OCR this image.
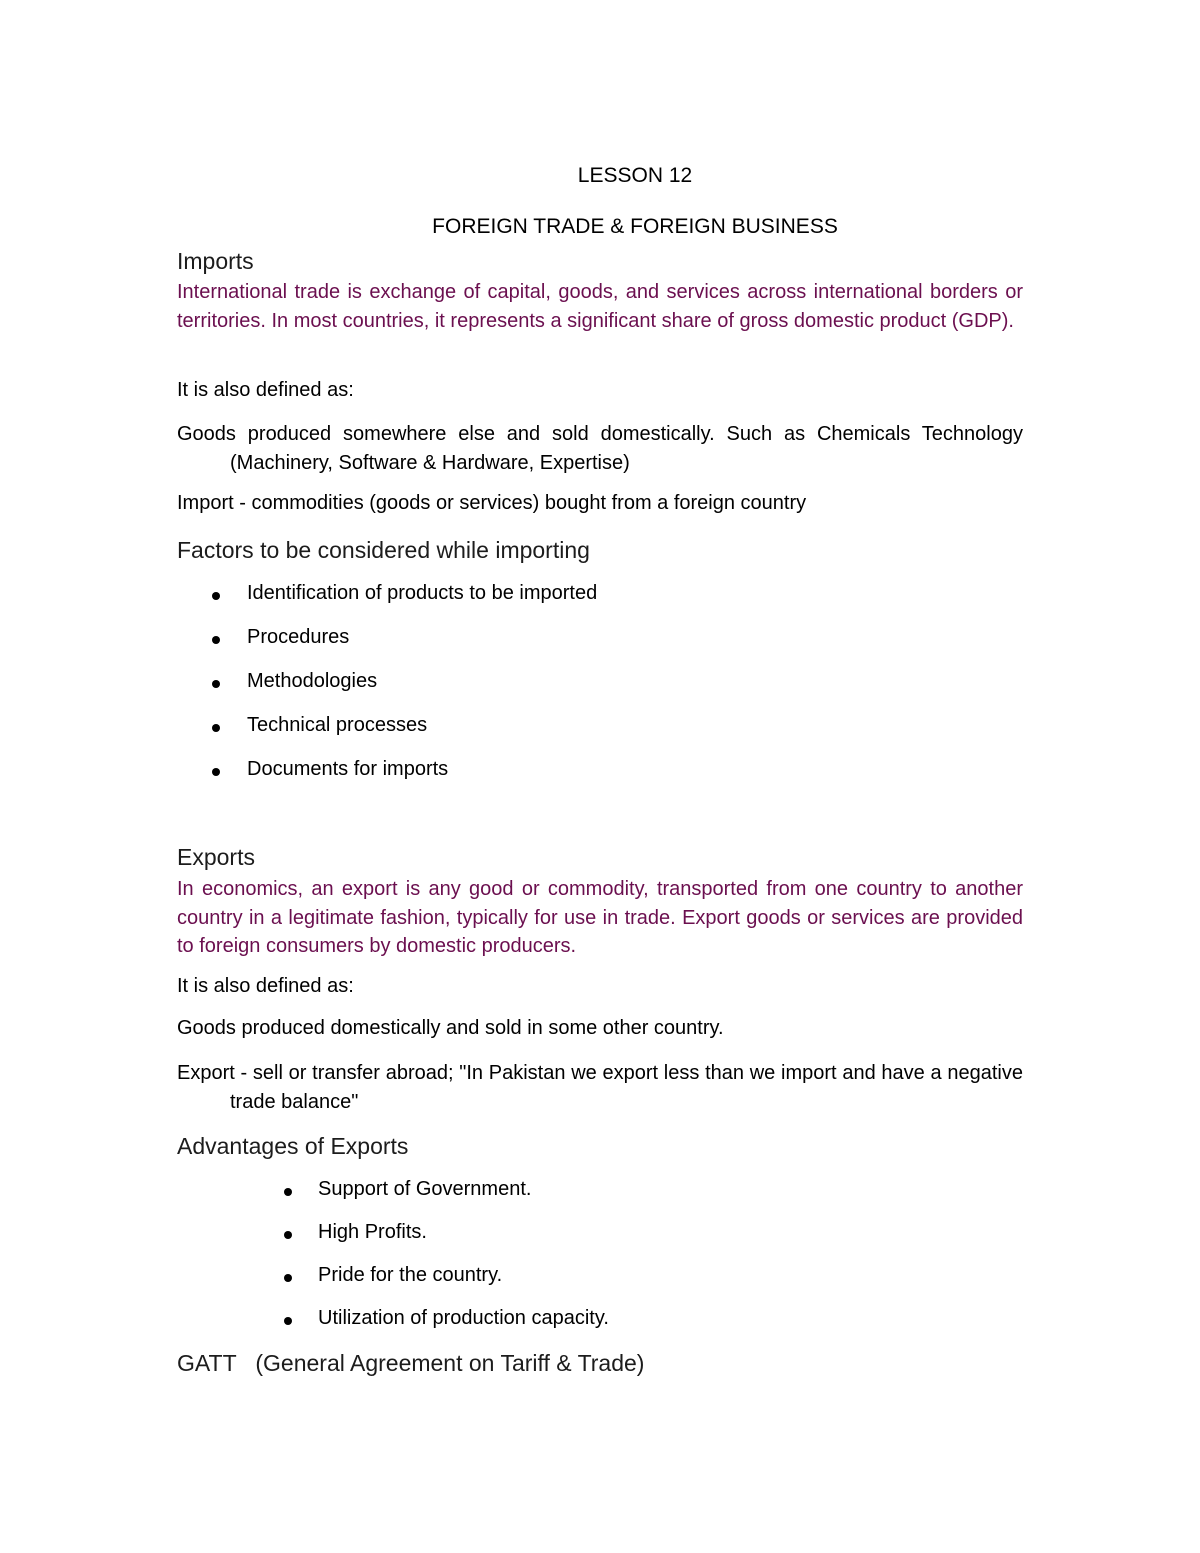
LESSON 12

FOREIGN TRADE & FOREIGN BUSINESS

Imports

International trade is exchange of capital, goods, and services across international borders or territories. In most countries, it represents a significant share of gross domestic product (GDP).

It is also defined as:

Goods produced somewhere else and sold domestically. Such as Chemicals Technology (Machinery, Software & Hardware, Expertise)

Import - commodities (goods or services) bought from a foreign country

Factors to be considered while importing

Identification of products to be imported
Procedures
Methodologies
Technical processes
Documents for imports

Exports

In economics, an export is any good or commodity, transported from one country to another country in a legitimate fashion, typically for use in trade. Export goods or services are provided to foreign consumers by domestic producers.

It is also defined as:

Goods produced domestically and sold in some other country.

Export - sell or transfer abroad; "In Pakistan we export less than we import and have a negative trade balance"

Advantages of Exports

Support of Government.
High Profits.
Pride for the country.
Utilization of production capacity.

GATT   (General Agreement on Tariff & Trade)
